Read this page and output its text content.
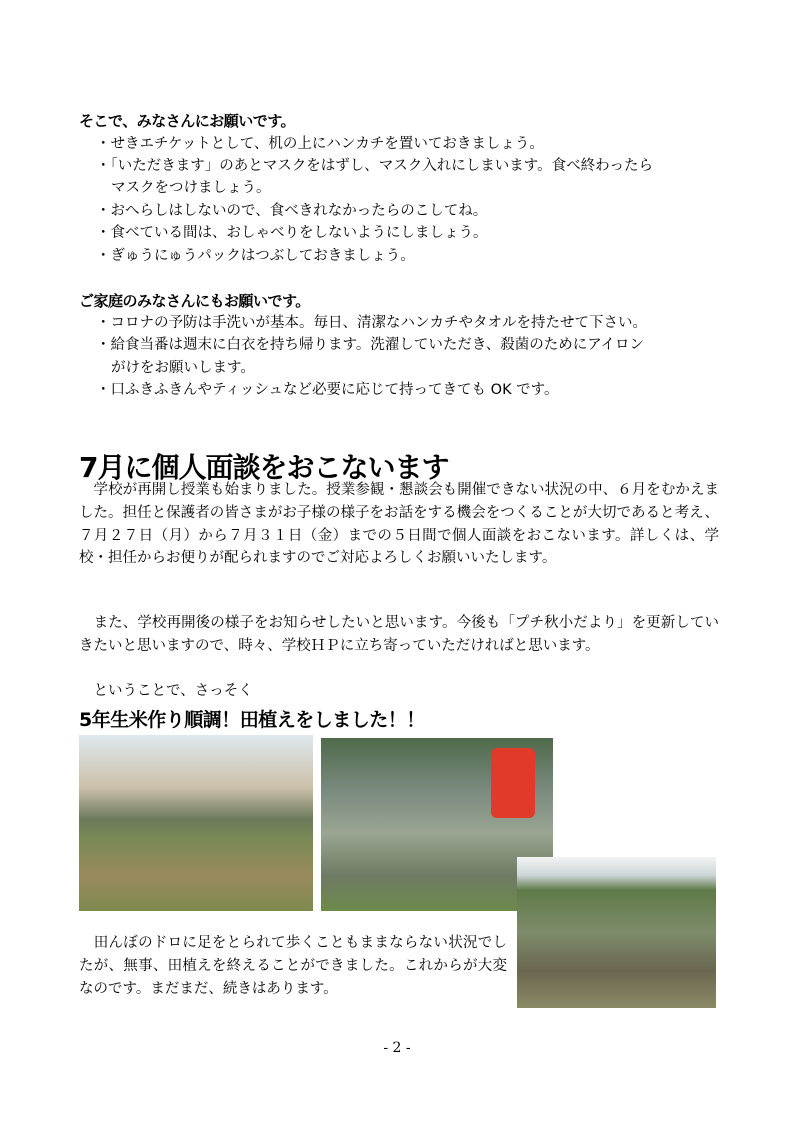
そこで、みなさんにお願いです。
・せきエチケットとして、机の上にハンカチを置いておきましょう。
・「いただきます」のあとマスクをはずし、マスク入れにしまいます。食べ終わったら
マスクをつけましょう。
・おへらしはしないので、食べきれなかったらのこしてね。
・食べている間は、おしゃべりをしないようにしましょう。
・ぎゅうにゅうパックはつぶしておきましょう。
ご家庭のみなさんにもお願いです。
・コロナの予防は手洗いが基本。毎日、清潔なハンカチやタオルを持たせて下さい。
・給食当番は週末に白衣を持ち帰ります。洗濯していただき、殺菌のためにアイロン
がけをお願いします。
・口ふきふきんやティッシュなど必要に応じて持ってきても OK です。
7月に個人面談をおこないます
　学校が再開し授業も始まりました。授業参観・懇談会も開催できない状況の中、６月をむかえました。担任と保護者の皆さまがお子様の様子をお話をする機会をつくることが大切であると考え、７月２７日（月）から７月３１日（金）までの５日間で個人面談をおこないます。詳しくは、学校・担任からお便りが配られますのでご対応よろしくお願いいたします。
　また、学校再開後の様子をお知らせしたいと思います。今後も「プチ秋小だより」を更新していきたいと思いますので、時々、学校ＨＰに立ち寄っていただければと思います。
　ということで、さっそく
5年生米作り順調！田植えをしました！！
　田んぼのドロに足をとられて歩くこともままならない状況でしたが、無事、田植えを終えることができました。これからが大変なのです。まだまだ、続きはあります。
- 2 -
